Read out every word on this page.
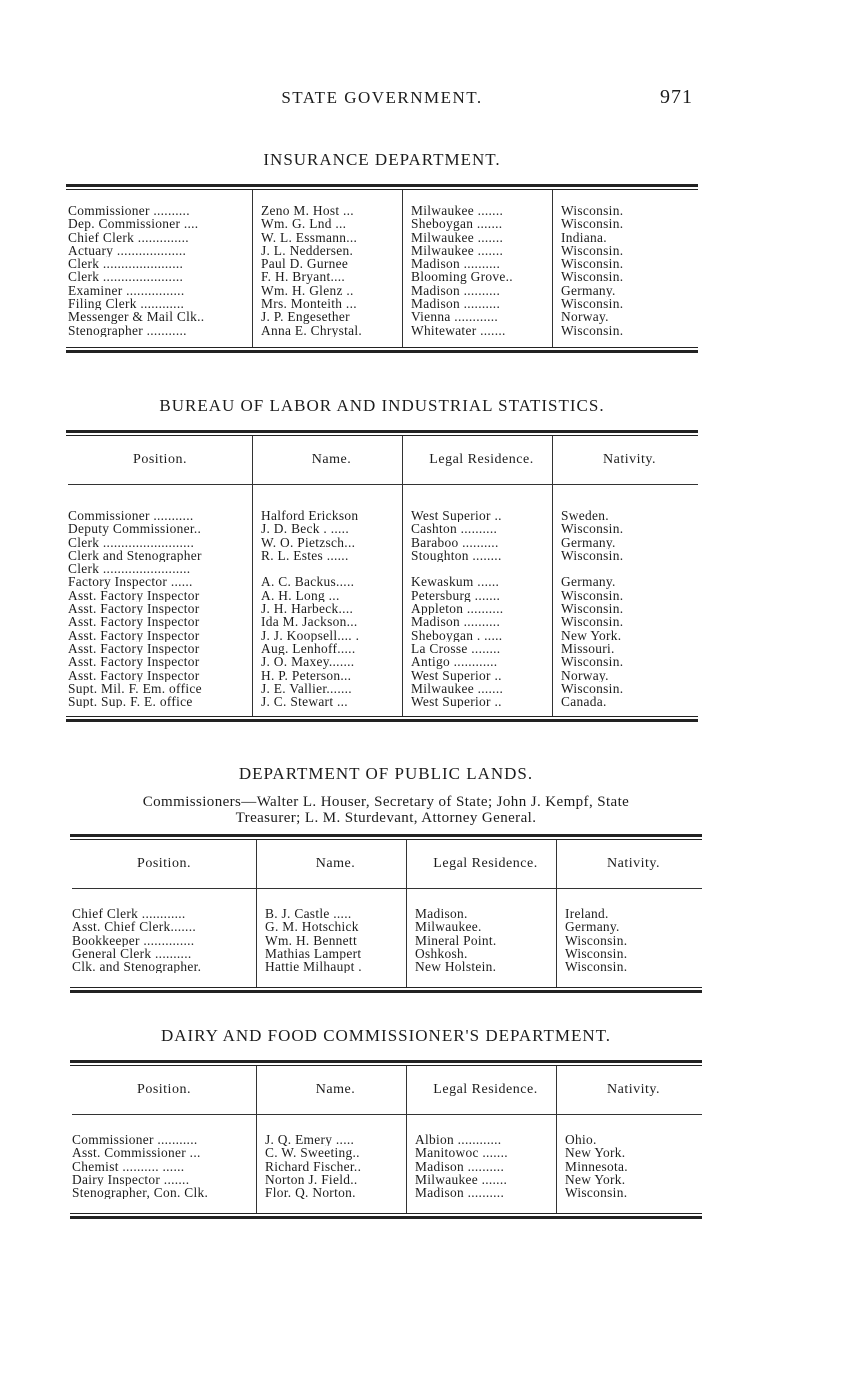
STATE GOVERNMENT.	971
INSURANCE DEPARTMENT.
Commissioner ..........
Dep. Commissioner ....
Chief Clerk ..............
Actuary ...................
Clerk ......................
Clerk ......................
Examiner ................
Filing Clerk ............
Messenger & Mail Clk..
Stenographer ...........
Zeno M. Host ...
Wm. G. Lnd ...
W. L. Essmann...
J. L. Neddersen.
Paul D. Gurnee
F. H. Bryant....
Wm. H. Glenz ..
Mrs. Monteith ...
J. P. Engesether
Anna E. Chrystal.
Milwaukee .......
Sheboygan .......
Milwaukee .......
Milwaukee .......
Madison ..........
Blooming Grove..
Madison ..........
Madison ..........
Vienna ............
Whitewater .......
Wisconsin.
Wisconsin.
Indiana.
Wisconsin.
Wisconsin.
Wisconsin.
Germany.
Wisconsin.
Norway.
Wisconsin.
BUREAU OF LABOR AND INDUSTRIAL STATISTICS.
Position.
Commissioner ...........
Deputy Commissioner..
Clerk .........................
Clerk and Stenographer
Clerk ........................
Factory Inspector ......
Asst. Factory Inspector
Asst. Factory Inspector
Asst. Factory Inspector
Asst. Factory Inspector
Asst. Factory Inspector
Asst. Factory Inspector
Asst. Factory Inspector
Supt. Mil. F. Em. office
Supt. Sup. F. E. office
Name.
Halford Erickson
J. D. Beck . .....
W. O. Pietzsch...
R. L. Estes ......
A. C. Backus.....
A. H. Long ...
J. H. Harbeck....
Ida M. Jackson...
J. J. Koopsell.... .
Aug. Lenhoff.....
J. O. Maxey.......
H. P. Peterson...
J. E. Vallier.......
J. C. Stewart ...
Legal Residence.
West Superior ..
Cashton ..........
Baraboo ..........
Stoughton ........
Kewaskum ......
Petersburg .......
Appleton ..........
Madison ..........
Sheboygan . .....
La Crosse ........
Antigo ............
West Superior ..
Milwaukee .......
West Superior ..
Nativity.
Sweden.
Wisconsin.
Germany.
Wisconsin.
Germany.
Wisconsin.
Wisconsin.
Wisconsin.
New York.
Missouri.
Wisconsin.
Norway.
Wisconsin.
Canada.
DEPARTMENT OF PUBLIC LANDS.
Commissioners—Walter L. Houser, Secretary of State; John J. Kempf, State
Treasurer; L. M. Sturdevant, Attorney General.
Position.
Chief Clerk ............
Asst. Chief Clerk.......
Bookkeeper ..............
General Clerk ..........
Clk. and Stenographer.
Name.
B. J. Castle .....
G. M. Hotschick
Wm. H. Bennett
Mathias Lampert
Hattie Milhaupt .
Legal Residence.
Madison.
Milwaukee.
Mineral Point.
Oshkosh.
New Holstein.
Nativity.
Ireland.
Germany.
Wisconsin.
Wisconsin.
Wisconsin.
DAIRY AND FOOD COMMISSIONER'S DEPARTMENT.
Position.
Commissioner ...........
Asst. Commissioner ...
Chemist .......... ......
Dairy Inspector .......
Stenographer, Con. Clk.
Name.
J. Q. Emery .....
C. W. Sweeting..
Richard Fischer..
Norton J. Field..
Flor. Q. Norton.
Legal Residence.
Albion ............
Manitowoc .......
Madison ..........
Milwaukee .......
Madison ..........
Nativity.
Ohio.
New York.
Minnesota.
New York.
Wisconsin.
